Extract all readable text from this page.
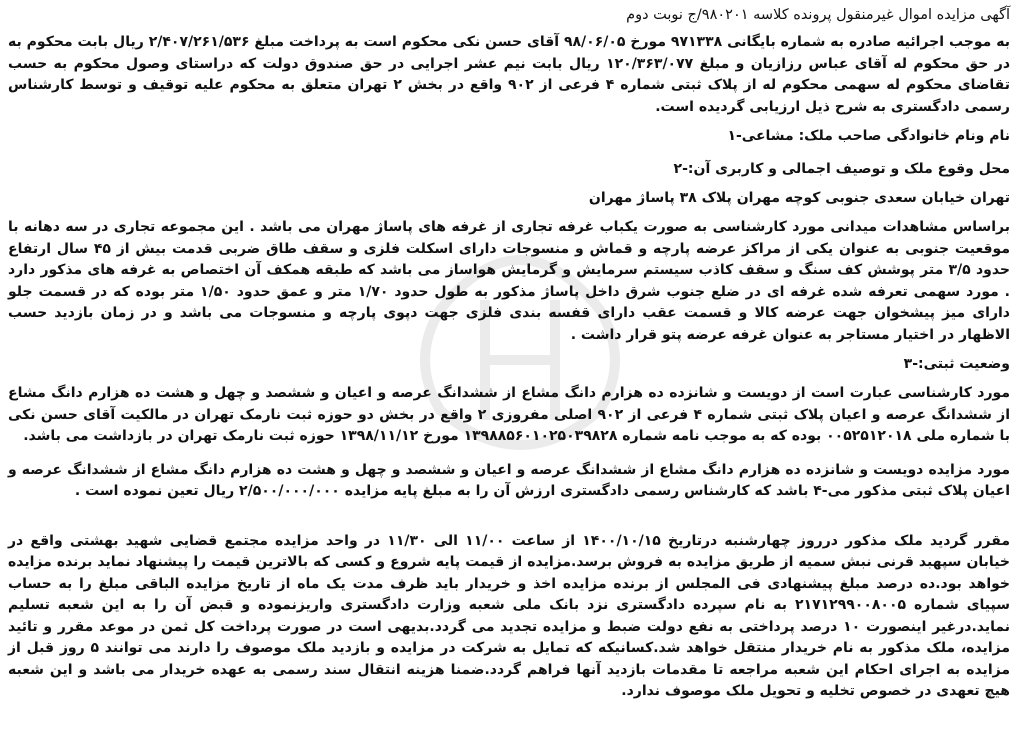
آگهی مزایده اموال غیرمنقول پرونده کلاسه ۹۸۰۲۰۱/ج نوبت دوم

به موجب اجرائیه صادره به شماره بایگانی ۹۷۱۳۳۸ مورخ ۹۸/۰۶/۰۵ آقای حسن نکی محکوم است به پرداخت مبلغ ۲/۴۰۷/۲۶۱/۵۳۶ ریال بابت محکوم به در حق محکوم له آقای عباس رزازیان و مبلغ ۱۲۰/۳۶۳/۰۷۷ ریال بابت نیم عشر اجرایی در حق صندوق دولت که دراستای وصول محکوم به حسب تقاضای محکوم له سهمی محکوم له از پلاک ثبتی شماره ۴ فرعی از ۹۰۲ واقع در بخش ۲ تهران متعلق به محکوم علیه توقیف و توسط کارشناس رسمی دادگستری به شرح ذیل ارزیابی گردیده است.

نام ونام خانوادگی صاحب ملک: مشاعی-۱

محل وقوع ملک و توصیف اجمالی و کاربری آن:-۲

تهران خیابان سعدی جنوبی کوچه مهران پلاک ۳۸ پاساژ مهران

براساس مشاهدات میدانی مورد کارشناسی به صورت یکباب غرفه تجاری از غرفه های پاساژ مهران می باشد . این مجموعه تجاری در سه دهانه با موقعیت جنوبی به عنوان یکی از مراکز عرضه پارچه و قماش و منسوجات دارای اسکلت فلزی و سقف طاق ضربی قدمت بیش از ۴۵ سال ارتفاع حدود ۳/۵ متر پوشش کف سنگ و سقف کاذب سیستم سرمایش و گرمایش هواساز می باشد که طبقه همکف آن اختصاص به غرفه های مذکور دارد . مورد سهمی تعرفه شده غرفه ای در ضلع جنوب شرق داخل پاساژ مذکور به طول حدود ۱/۷۰ متر و عمق حدود ۱/۵۰ متر بوده که در قسمت جلو دارای میز پیشخوان جهت عرضه کالا و قسمت عقب دارای قفسه بندی فلزی جهت دپوی پارچه و منسوجات می باشد و در زمان بازدید حسب الاظهار در اختیار مستاجر به عنوان غرفه عرضه پتو قرار داشت .

وضعیت ثبتی:-۳

مورد کارشناسی عبارت است از دویست و شانزده ده هزارم دانگ مشاع از ششدانگ عرصه و اعیان و ششصد و چهل و هشت ده هزارم دانگ مشاع از ششدانگ عرصه و اعیان پلاک ثبتی شماره ۴ فرعی از ۹۰۲ اصلی مفروزی ۲ واقع در بخش دو حوزه ثبت نارمک تهران در مالکیت آقای حسن نکی با شماره ملی ۰۰۵۲۵۱۲۰۱۸ بوده که به موجب نامه شماره ۱۳۹۸۸۵۶۰۱۰۲۵۰۳۹۸۲۸ مورخ ۱۳۹۸/۱۱/۱۲ حوزه ثبت نارمک تهران در بازداشت می باشد.

مورد مزایده دویست و شانزده ده هزارم دانگ مشاع از ششدانگ عرصه و اعیان و ششصد و چهل و هشت ده هزارم دانگ مشاع از ششدانگ عرصه و اعیان پلاک ثبتی مذکور می-۴ باشد که کارشناس رسمی دادگستری ارزش آن را به مبلغ پایه مزایده ۲/۵۰۰/۰۰۰/۰۰۰ ریال تعین نموده است .

مقرر گردید ملک مذکور درروز چهارشنبه درتاریخ ۱۴۰۰/۱۰/۱۵ از ساعت ۱۱/۰۰ الی ۱۱/۳۰ در واحد مزایده مجتمع قضایی شهید بهشتی واقع در خیابان سپهبد قرنی نبش سمیه از طریق مزایده به فروش برسد.مزایده از قیمت پایه شروع و کسی که بالاترین قیمت را پیشنهاد نماید برنده مزایده خواهد بود.ده درصد مبلغ پیشنهادی فی المجلس از برنده مزایده اخذ و خریدار باید ظرف مدت یک ماه از تاریخ مزایده الباقی مبلغ را به حساب سپیای شماره ۲۱۷۱۲۹۹۰۰۸۰۰۵ به نام سپرده دادگستری نزد بانک ملی شعبه وزارت دادگستری واریزنموده و قبض آن را به این شعبه تسلیم نماید.درغیر اینصورت ۱۰ درصد پرداختی به نفع دولت ضبط و مزایده تجدید می گردد.بدیهی است در صورت پرداخت کل ثمن در موعد مقرر و تائید مزایده، ملک مذکور به نام خریدار منتقل خواهد شد.کسانیکه که تمایل به شرکت در مزایده و بازدید ملک موصوف را دارند می توانند ۵ روز قبل از مزایده به اجرای احکام این شعبه مراجعه تا مقدمات بازدید آنها فراهم گردد.ضمنا هزینه انتقال سند رسمی به عهده خریدار می باشد و این شعبه هیچ تعهدی در خصوص تخلیه و تحویل ملک موصوف ندارد.
